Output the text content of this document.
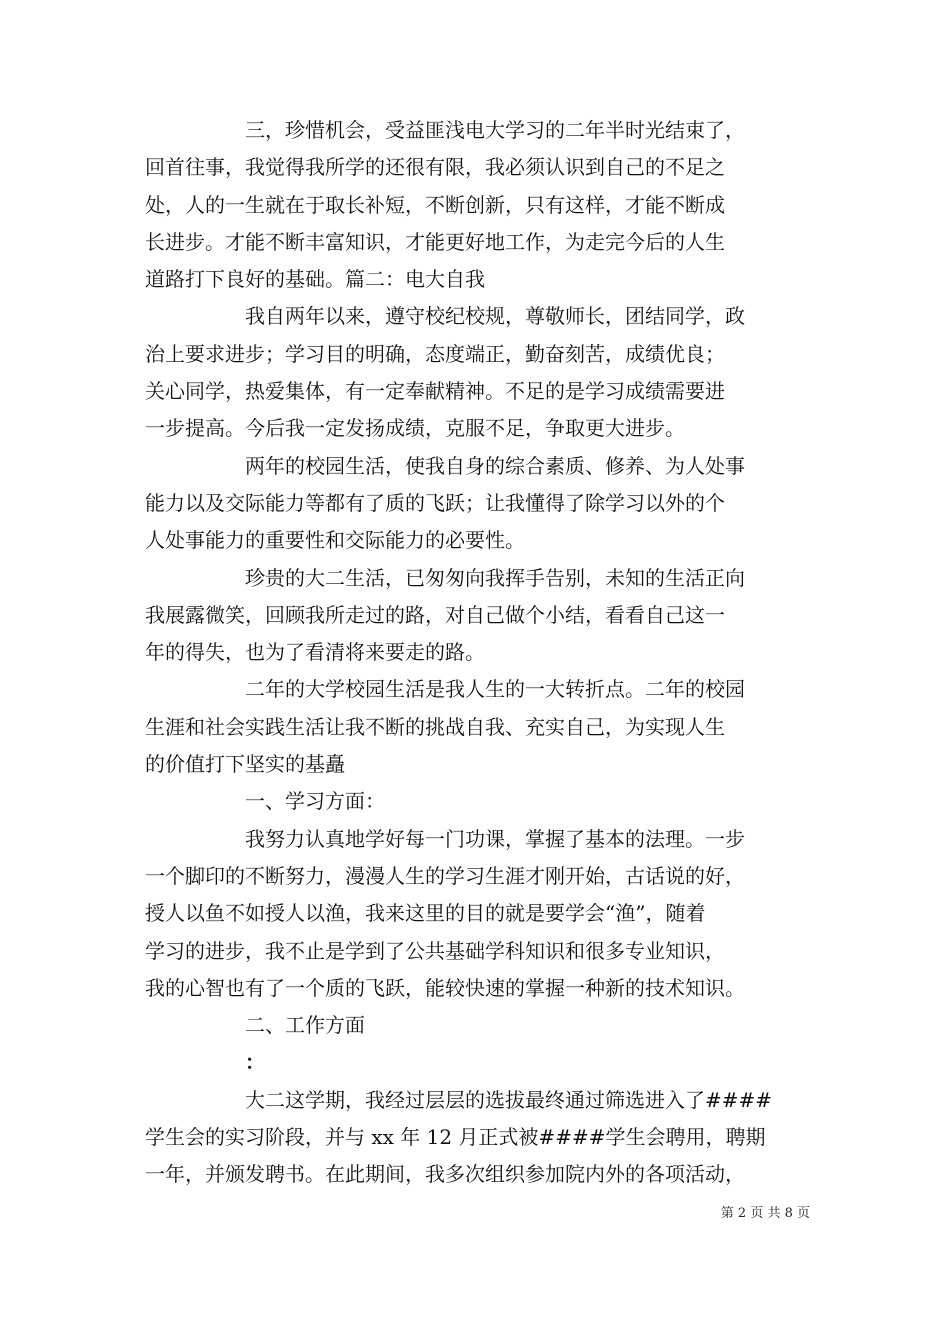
三，珍惜机会，受益匪浅电大学习的二年半时光结束了，
回首往事，我觉得我所学的还很有限，我必须认识到自己的不足之
处，人的一生就在于取长补短，不断创新，只有这样，才能不断成
长进步。才能不断丰富知识，才能更好地工作，为走完今后的人生
道路打下良好的基础。篇二：电大自我
我自两年以来，遵守校纪校规，尊敬师长，团结同学，政
治上要求进步；学习目的明确，态度端正，勤奋刻苦，成绩优良；
关心同学，热爱集体，有一定奉献精神。不足的是学习成绩需要进
一步提高。今后我一定发扬成绩，克服不足，争取更大进步。
两年的校园生活，使我自身的综合素质、修养、为人处事
能力以及交际能力等都有了质的飞跃；让我懂得了除学习以外的个
人处事能力的重要性和交际能力的必要性。
珍贵的大二生活，已匆匆向我挥手告别，未知的生活正向
我展露微笑，回顾我所走过的路，对自己做个小结，看看自己这一
年的得失，也为了看清将来要走的路。
二年的大学校园生活是我人生的一大转折点。二年的校园
生涯和社会实践生活让我不断的挑战自我、充实自己，为实现人生
的价值打下坚实的基矗
一、学习方面：
我努力认真地学好每一门功课，掌握了基本的法理。一步
一个脚印的不断努力，漫漫人生的学习生涯才刚开始，古话说的好，
授人以鱼不如授人以渔，我来这里的目的就是要学会“渔”，随着
学习的进步，我不止是学到了公共基础学科知识和很多专业知识，
我的心智也有了一个质的飞跃，能较快速的掌握一种新的技术知识。
二、工作方面
：
大二这学期，我经过层层的选拔最终通过筛选进入了####
学生会的实习阶段，并与 xx 年 12 月正式被####学生会聘用，聘期
一年，并颁发聘书。在此期间，我多次组织参加院内外的各项活动，
第 2 页 共 8 页
